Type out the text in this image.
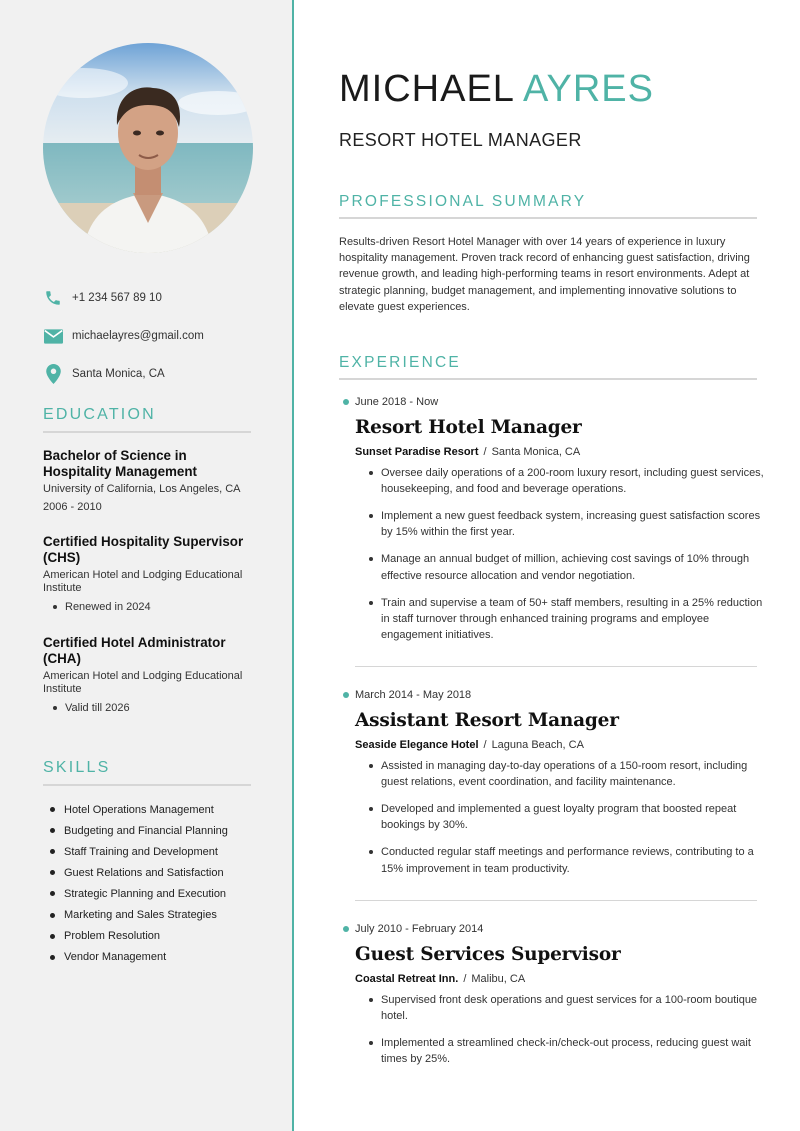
+1 234 567 89 10
michaelayres@gmail.com
Santa Monica, CA
EDUCATION
Bachelor of Science in Hospitality Management
University of California, Los Angeles, CA
2006 - 2010
Certified Hospitality Supervisor (CHS)
American Hotel and Lodging Educational Institute
Renewed in 2024
Certified Hotel Administrator (CHA)
American Hotel and Lodging Educational Institute
Valid till 2026
SKILLS
Hotel Operations Management
Budgeting and Financial Planning
Staff Training and Development
Guest Relations and Satisfaction
Strategic Planning and Execution
Marketing and Sales Strategies
Problem Resolution
Vendor Management
MICHAEL AYRES
RESORT HOTEL MANAGER
PROFESSIONAL SUMMARY

Results-driven Resort Hotel Manager with over 14 years of experience in luxury hospitality management. Proven track record of enhancing guest satisfaction, driving revenue growth, and leading high-performing teams in resort environments. Adept at strategic planning, budget management, and implementing innovative solutions to elevate guest experiences.

EXPERIENCE
June 2018 - Now
Resort Hotel Manager
Sunset Paradise Resort / Santa Monica, CA
Oversee daily operations of a 200-room luxury resort, including guest services, housekeeping, and food and beverage operations.
Implement a new guest feedback system, increasing guest satisfaction scores by 15% within the first year.
Manage an annual budget of million, achieving cost savings of 10% through effective resource allocation and vendor negotiation.
Train and supervise a team of 50+ staff members, resulting in a 25% reduction in staff turnover through enhanced training programs and employee engagement initiatives.
March 2014 - May 2018
Assistant Resort Manager
Seaside Elegance Hotel / Laguna Beach, CA
Assisted in managing day-to-day operations of a 150-room resort, including guest relations, event coordination, and facility maintenance.
Developed and implemented a guest loyalty program that boosted repeat bookings by 30%.
Conducted regular staff meetings and performance reviews, contributing to a 15% improvement in team productivity.
July 2010 - February 2014
Guest Services Supervisor
Coastal Retreat Inn. / Malibu, CA
Supervised front desk operations and guest services for a 100-room boutique hotel.
Implemented a streamlined check-in/check-out process, reducing guest wait times by 25%.
